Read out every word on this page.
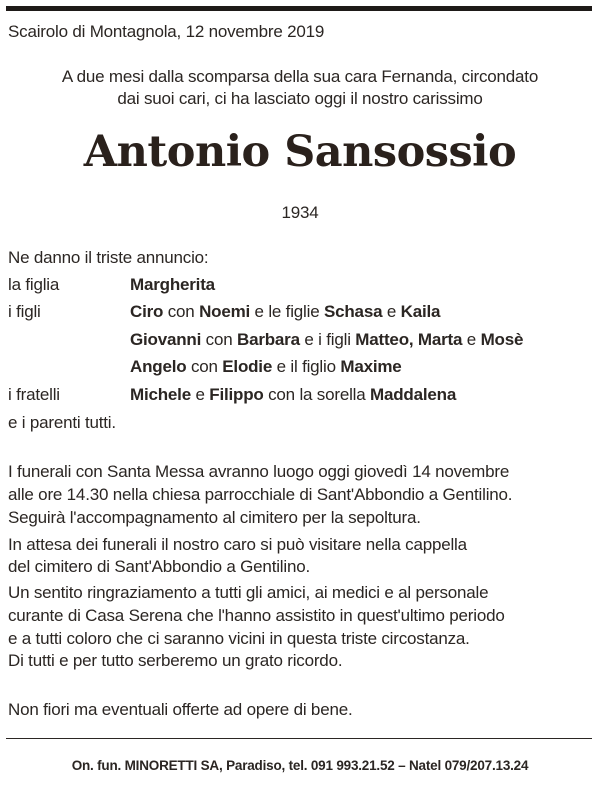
Scairolo di Montagnola, 12 novembre 2019
A due mesi dalla scomparsa della sua cara Fernanda, circondato
dai suoi cari, ci ha lasciato oggi il nostro carissimo
Antonio Sansossio
1934
Ne danno il triste annuncio:
la figlia	Margherita
i figli	Ciro con Noemi e le figlie Schasa e Kaila
Giovanni con Barbara e i figli Matteo, Marta e Mosè
Angelo con Elodie e il figlio Maxime
i fratelli	Michele e Filippo con la sorella Maddalena
e i parenti tutti.
I funerali con Santa Messa avranno luogo oggi giovedì 14 novembre
alle ore 14.30 nella chiesa parrocchiale di Sant'Abbondio a Gentilino.
Seguirà l'accompagnamento al cimitero per la sepoltura.
In attesa dei funerali il nostro caro si può visitare nella cappella
del cimitero di Sant'Abbondio a Gentilino.
Un sentito ringraziamento a tutti gli amici, ai medici e al personale
curante di Casa Serena che l'hanno assistito in quest'ultimo periodo
e a tutti coloro che ci saranno vicini in questa triste circostanza.
Di tutti e per tutto serberemo un grato ricordo.
Non fiori ma eventuali offerte ad opere di bene.
On. fun. MINORETTI SA, Paradiso, tel. 091 993.21.52 – Natel 079/207.13.24
